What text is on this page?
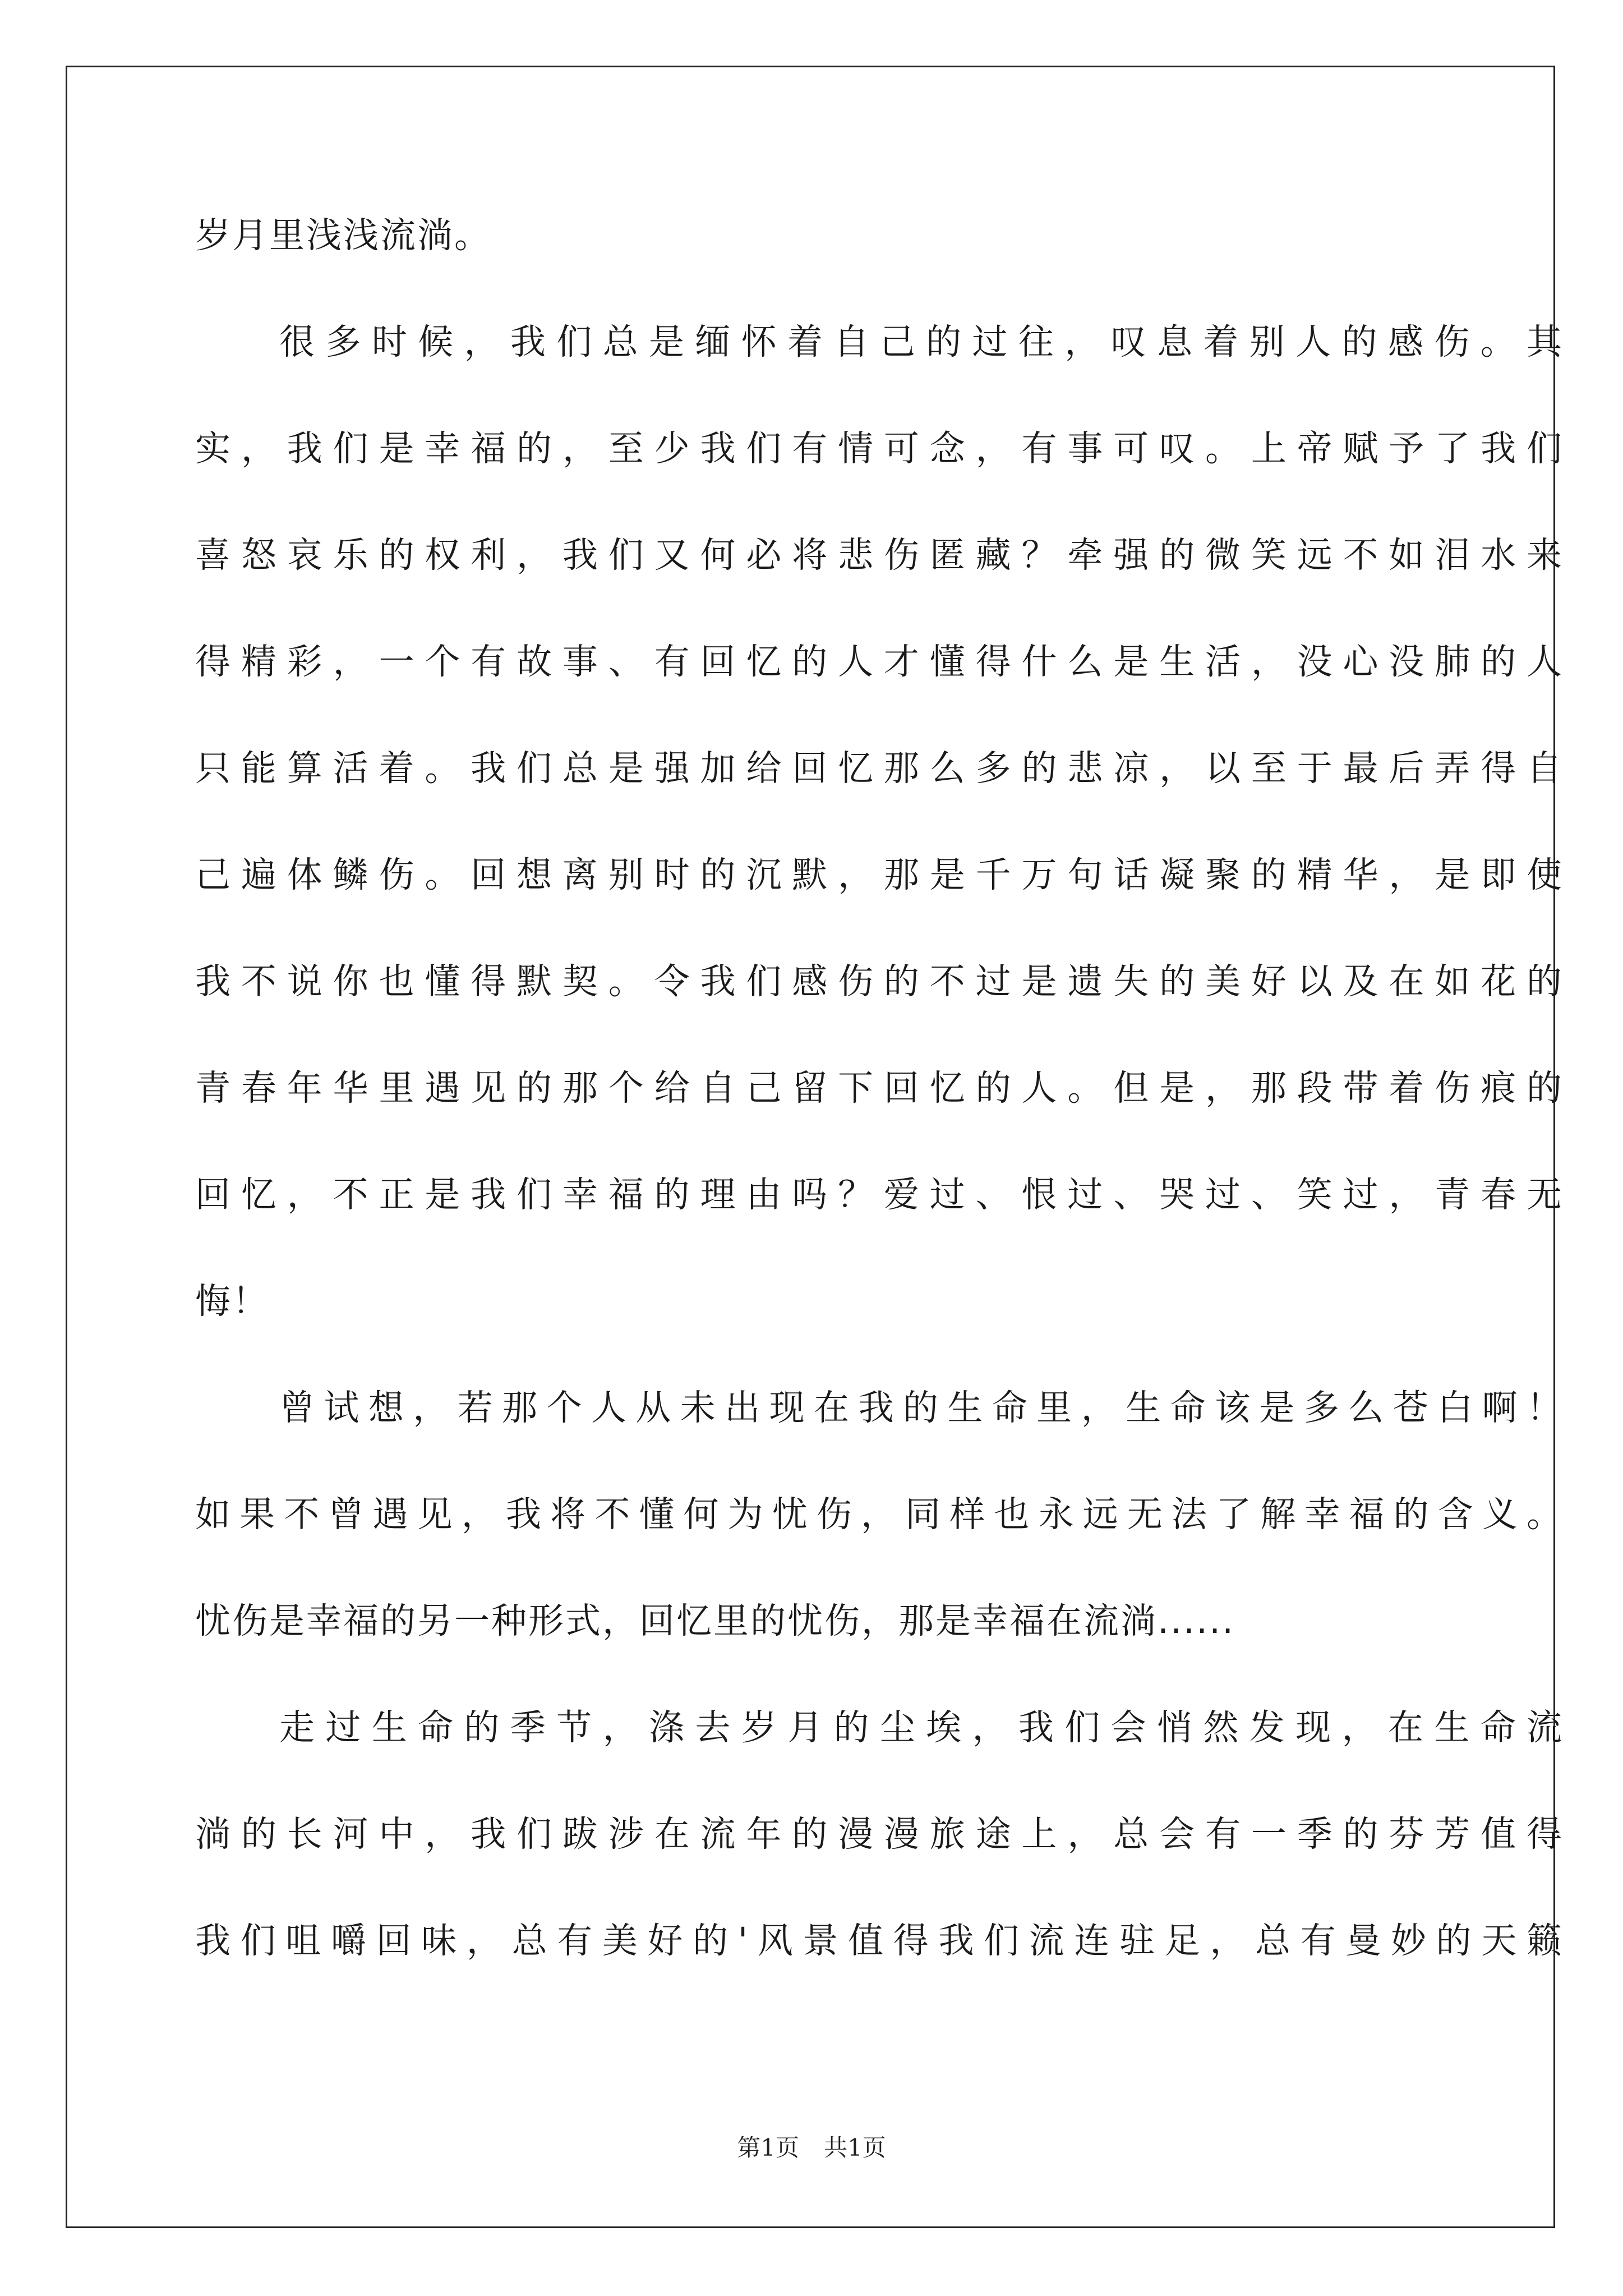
岁月里浅浅流淌。
很多时候，我们总是缅怀着自己的过往，叹息着别人的感伤。其
实，我们是幸福的，至少我们有情可念，有事可叹。上帝赋予了我们
喜怒哀乐的权利，我们又何必将悲伤匿藏？牵强的微笑远不如泪水来
得精彩，一个有故事、有回忆的人才懂得什么是生活，没心没肺的人
只能算活着。我们总是强加给回忆那么多的悲凉，以至于最后弄得自
己遍体鳞伤。回想离别时的沉默，那是千万句话凝聚的精华，是即使
我不说你也懂得默契。令我们感伤的不过是遗失的美好以及在如花的
青春年华里遇见的那个给自己留下回忆的人。但是，那段带着伤痕的
回忆，不正是我们幸福的理由吗？爱过、恨过、哭过、笑过，青春无
悔！
曾试想，若那个人从未出现在我的生命里，生命该是多么苍白啊！
如果不曾遇见，我将不懂何为忧伤，同样也永远无法了解幸福的含义。
忧伤是幸福的另一种形式，回忆里的忧伤，那是幸福在流淌......
走过生命的季节，涤去岁月的尘埃，我们会悄然发现，在生命流
淌的长河中，我们跋涉在流年的漫漫旅途上，总会有一季的芬芳值得
我们咀嚼回味，总有美好的'风景值得我们流连驻足，总有曼妙的天籁
第1页 共1页
